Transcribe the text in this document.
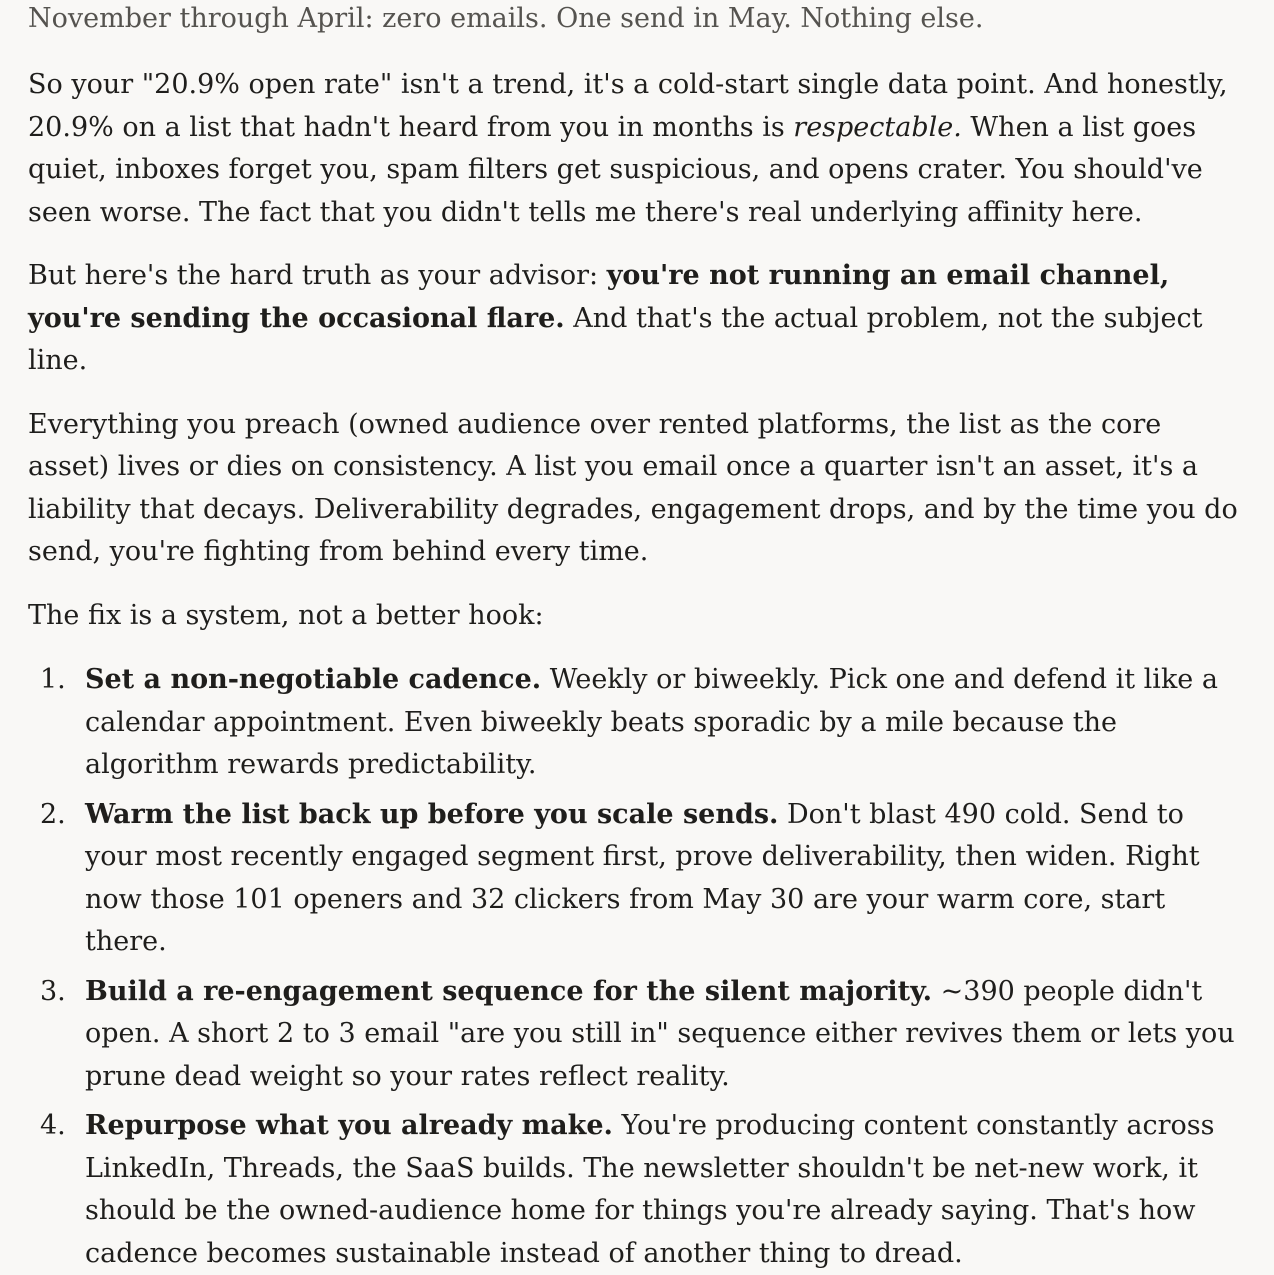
November through April: zero emails. One send in May. Nothing else.

So your "20.9% open rate" isn't a trend, it's a cold-start single data point. And honestly, 20.9% on a list that hadn't heard from you in months is respectable. When a list goes quiet, inboxes forget you, spam filters get suspicious, and opens crater. You should've seen worse. The fact that you didn't tells me there's real underlying affinity here.

But here's the hard truth as your advisor: you're not running an email channel, you're sending the occasional flare. And that's the actual problem, not the subject line.

Everything you preach (owned audience over rented platforms, the list as the core asset) lives or dies on consistency. A list you email once a quarter isn't an asset, it's a liability that decays. Deliverability degrades, engagement drops, and by the time you do send, you're fighting from behind every time.

The fix is a system, not a better hook:

1. Set a non-negotiable cadence. Weekly or biweekly. Pick one and defend it like a calendar appointment. Even biweekly beats sporadic by a mile because the algorithm rewards predictability.
2. Warm the list back up before you scale sends. Don't blast 490 cold. Send to your most recently engaged segment first, prove deliverability, then widen. Right now those 101 openers and 32 clickers from May 30 are your warm core, start there.
3. Build a re-engagement sequence for the silent majority. ~390 people didn't open. A short 2 to 3 email "are you still in" sequence either revives them or lets you prune dead weight so your rates reflect reality.
4. Repurpose what you already make. You're producing content constantly across LinkedIn, Threads, the SaaS builds. The newsletter shouldn't be net-new work, it should be the owned-audience home for things you're already saying. That's how cadence becomes sustainable instead of another thing to dread.
